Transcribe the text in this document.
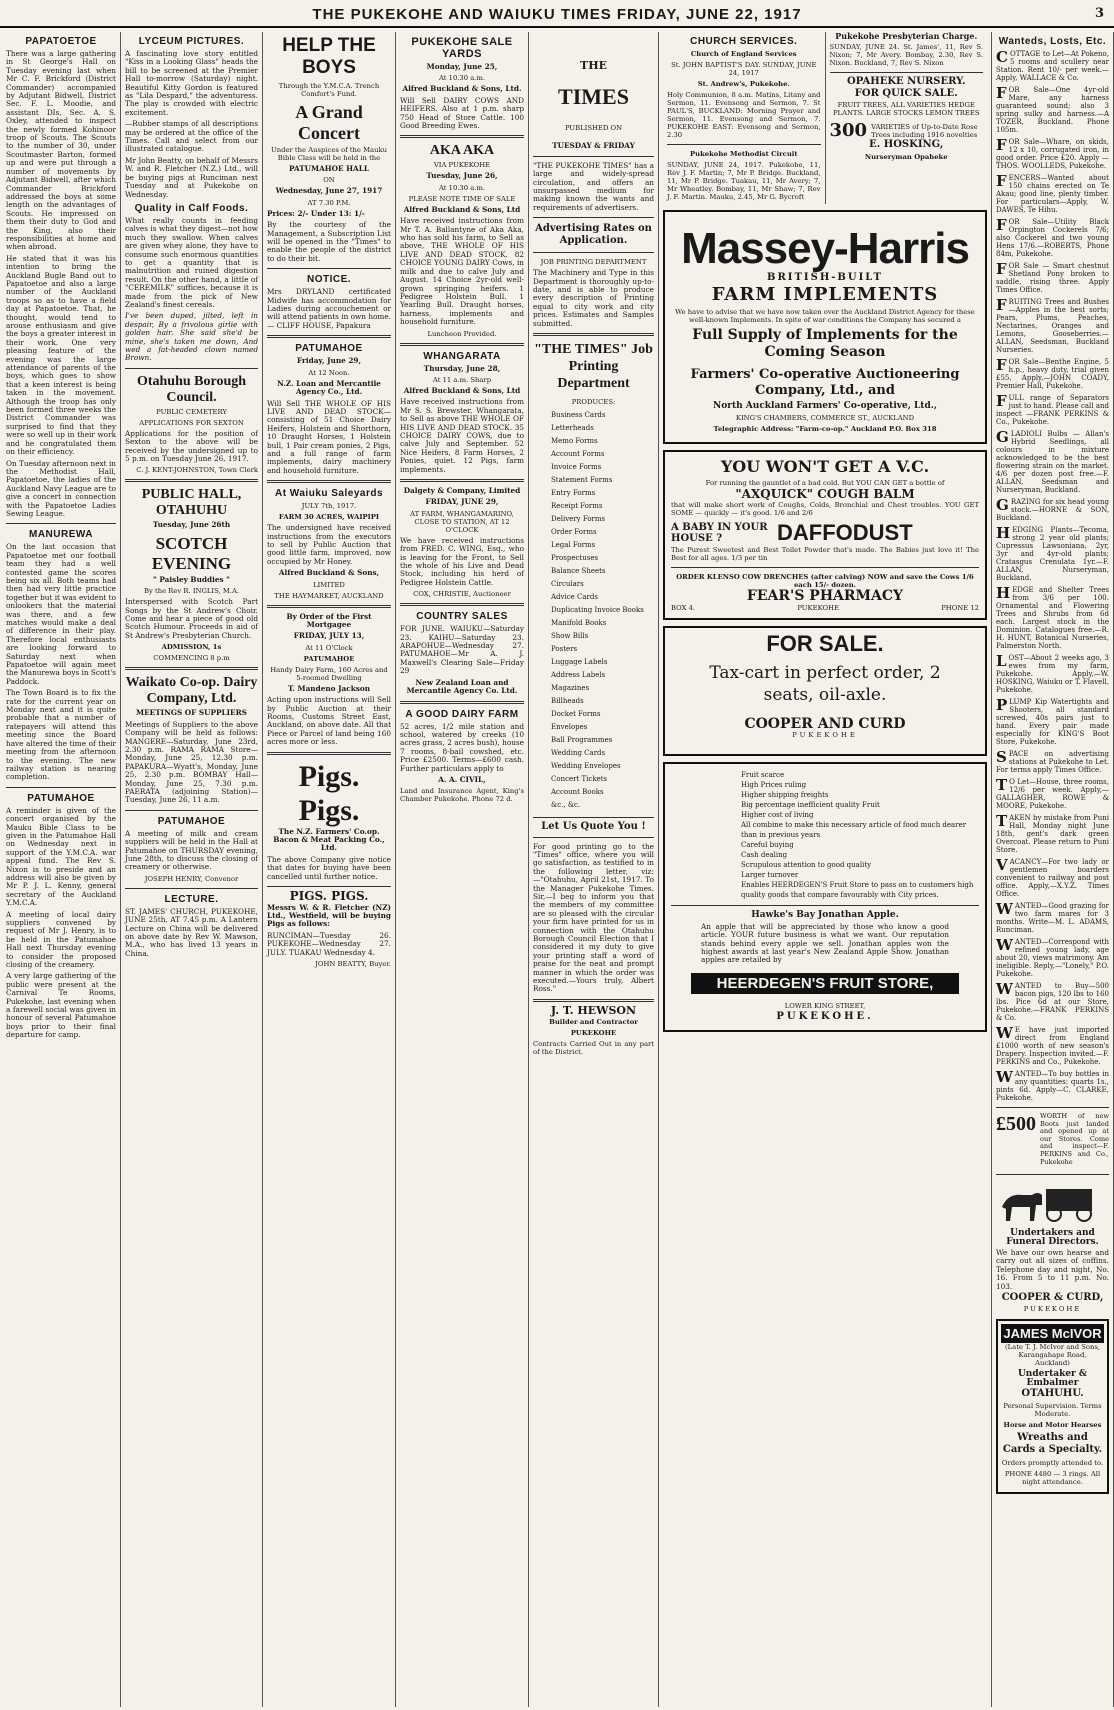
THE PUKEKOHE AND WAIUKU TIMES FRIDAY, JUNE 22, 1917	3
PAPATOETOE

There was a large gathering in St George's Hall on Tuesday evening last when Mr C. F. Brickford (District Commander) accompanied by Adjutant Bidwell, District Sec. F. L. Moodie, and assistant DIs, Sec. A. S. Oxley, attended to inspect the newly formed Kohinoor troop of Scouts. The Scouts to the number of 30, under Scoutmaster Barton, formed up and were put through a number of movements by Adjutant Bidwell, after which Commander Brickford addressed the boys at some length on the advantages of Scouts. He impressed on them their duty to God and the King, also their responsibilities at home and when abroad.

He stated that it was his intention to bring the Auckland Bugle Band out to Papatoetoe and also a large number of the Auckland troops so as to have a field day at Papatoetoe. That, he thought, would tend to arouse enthusiasm and give the boys a greater interest in their work. One very pleasing feature of the evening was the large attendance of parents of the boys, which goes to show that a keen interest is being taken in the movement. Although the troop has only been formed three weeks the District Commander was surprised to find that they were so well up in their work and he congratulated them on their efficiency.

On Tuesday afternoon next in the Methodist Hall, Papatoetoe, the ladies of the Auckland Navy League are to give a concert in connection with the Papatoetoe Ladies Sewing League.

MANUREWA

On the last occasion that Papatoetoe met our football team they had a well contested game the scores being six all. Both teams had then had very little practice together but it was evident to onlookers that the material was there, and a few matches would make a deal of difference in their play. Therefore local enthusiasts are looking forward to Saturday next when Papatoetoe will again meet the Manurewa boys in Scott's Paddock.

The Town Board is to fix the rate for the current year on Monday next and it is quite probable that a number of ratepayers will attend this meeting since the Board have altered the time of their meeting from the afternoon to the evening. The new railway station is nearing completion.

PATUMAHOE

A reminder is given of the concert organised by the Mauku Bible Class to be given in the Patumahoe Hall on Wednesday next in support of the Y.M.C.A. war appeal fund. The Rev S. Nixon is to preside and an address will also be given by Mr P. J. L. Kenny, general secretary of the Auckland Y.M.C.A.

A meeting of local dairy suppliers convened by request of Mr J. Henry, is to be held in the Patumahoe Hall next Thursday evening to consider the proposed closing of the creamery.

A very large gathering of the public were present at the Carnival Te Rooms, Pukekohe, last evening when a farewell social was given in honour of several Patumahoe boys prior to their final departure for camp.

LYCEUM PICTURES.

A fascinating love story entitled "Kiss in a Looking Glass" heads the bill to be screened at the Premier Hall to-morrow (Saturday) night. Beautiful Kitty Gordon is featured as "Lila Despard," the adventuress. The play is crowded with electric excitement.

—Rubber stamps of all descriptions may be ordered at the office of the Times. Call and select from our illustrated catalogue.

Mr John Beatty, on behalf of Messrs W. and R. Fletcher (N.Z.) Ltd., will be buying pigs at Runciman next Tuesday and at Pukekohe on Wednesday.

Quality in Calf Foods.

What really counts in feeding calves is what they digest—not how much they swallow. When calves are given whey alone, they have to consume such enormous quantities to get a quantity that is malnutrition and ruined digestion result. On the other hand, a little of "CEREMILK" suffices, because it is made from the pick of New Zealand's finest cereals.

I've been duped, jilted, left in despair, By a frivolous girlie with golden hair. She said she'd be mine, she's taken me down, And wed a fat-headed clown named Brown.

Otahuhu Borough Council.

PUBLIC CEMETERY

APPLICATIONS FOR SEXTON

Applications for the position of Sexton to the above will be received by the undersigned up to 5 p.m. on Tuesday June 26, 1917.

C. J. KENT-JOHNSTON, Town Clerk

PUBLIC HALL, OTAHUHU

Tuesday, June 26th

SCOTCH EVENING

" Paisley Buddies "

By the Rev R. INGLIS, M.A.

Interspersed with Scotch Part Songs by the St Andrew's Choir. Come and hear a piece of good old Scotch Humour. Proceeds in aid of St Andrew's Presbyterian Church.

ADMISSION, 1s

COMMENCING 8 p.m

Waikato Co-op. Dairy Company, Ltd.

MEETINGS OF SUPPLIERS

Meetings of Suppliers to the above Company will be held as follows: MANGERE—Saturday, June 23rd, 2.30 p.m. RAMA RAMA Store—Monday, June 25, 12.30 p.m. PAPAKURA—Wyatt's, Monday, June 25, 2.30 p.m. BOMBAY Hall—Monday, June 25, 7.30 p.m. PAERATA (adjoining Station)—Tuesday, June 26, 11 a.m.

PATUMAHOE

A meeting of milk and cream suppliers will be held in the Hall at Patumahoe on THURSDAY evening, June 28th, to discuss the closing of creamery or otherwise.

JOSEPH HENRY, Convenor

LECTURE.

ST. JAMES' CHURCH, PUKEKOHE, JUNE 25th, AT 7.45 p.m. A Lantern Lecture on China will be delivered on above date by Rev W. Mawson, M.A., who has lived 13 years in China.

HELP THE BOYS

Through the Y.M.C.A. Trench Comfort's Fund.

A Grand Concert

Under the Auspices of the Mauku Bible Class will be held in the

PATUMAHOE HALL

ON

Wednesday, June 27, 1917

AT 7.30 P.M.

Prices: 2/- Under 13: 1/-

By the courtesy of the Management, a Subscription List will be opened in the "Times" to enable the people of the district to do their bit.

NOTICE.

Mrs DRYLAND certificated Midwife has accommodation for Ladies during accouchement or will attend patients in own home. — CLIFF HOUSE, Papakura

PATUMAHOE

Friday, June 29,

At 12 Noon.

N.Z. Loan and Mercantile Agency Co., Ltd.

Will Sell THE WHOLE OF HIS LIVE AND DEAD STOCK—consisting of 51 Choice Dairy Heifers, Holstein and Shorthorn, 10 Draught Horses, 1 Holstein bull, 1 Pair cream ponies, 2 Pigs, and a full range of farm implements, dairy machinery and household furniture.

At Waiuku Saleyards

JULY 7th, 1917.

FARM 30 ACRES, WAIPIPI

The undersigned have received instructions from the executors to sell by Public Auction that good little farm, improved, now occupied by Mr Honey.

Alfred Buckland & Sons,

LIMITED

THE HAYMARKET, AUCKLAND

By Order of the First Mortgagee

FRIDAY, JULY 13,

At 11 O'Clock

PATUMAHOE

Handy Dairy Farm, 160 Acres and 5-roomed Dwelling

T. Mandeno Jackson

Acting upon instructions will Sell by Public Auction at their Rooms, Customs Street East, Auckland, on above date. All that Piece or Parcel of land being 160 acres more or less.

Pigs. Pigs.

The N.Z. Farmers' Co.op. Bacon & Meat Packing Co., Ltd.

The above Company give notice that dates for buying have been cancelled until further notice.

PIGS. PIGS.

Messrs W. & R. Fletcher (NZ) Ltd., Westfield, will be buying Pigs as follows:

RUNCIMAN—Tuesday 26. PUKEKOHE—Wednesday 27. JULY. TUAKAU Wednesday 4.

JOHN BEATTY, Buyer.

PUKEKOHE SALE YARDS

Monday, June 25,

At 10.30 a.m.

Alfred Buckland & Sons, Ltd.

Will Sell DAIRY COWS AND HEIFERS. Also at 1 p.m. sharp 750 Head of Store Cattle. 100 Good Breeding Ewes.

AKA AKA

VIA PUKEKOHE

Tuesday, June 26,

At 10.30 a.m.

PLEASE NOTE TIME OF SALE

Alfred Buckland & Sons, Ltd

Have received instructions from Mr T. A. Ballantyne of Aka Aka, who has sold his farm, to Sell as above, THE WHOLE OF HIS LIVE AND DEAD STOCK. 82 CHOICE YOUNG DAIRY Cows, in milk and due to calve July and August. 14 Choice 2yr-old well-grown springing heifers. 1 Pedigree Holstein Bull. 1 Yearling Bull. Draught horses, harness, implements and household furniture.

Luncheon Provided.

WHANGARATA

Thursday, June 28,

At 11 a.m. Sharp

Alfred Buckland & Sons, Ltd

Have received instructions from Mr S. S. Brewster, Whangarata, to Sell as above THE WHOLE OF HIS LIVE AND DEAD STOCK. 35 CHOICE DAIRY COWS, due to calve July and September. 52 Nice Heifers, 8 Farm Horses, 2 Ponies, quiet. 12 Pigs, farm implements.

Dalgety & Company, Limited

FRIDAY, JUNE 29,

AT FARM, WHANGAMARINO, CLOSE TO STATION, AT 12 O'CLOCK

We have received instructions from FRED. C. WING, Esq., who is leaving for the Front, to Sell the whole of his Live and Dead Stock, including his herd of Pedigree Holstein Cattle.

COX, CHRISTIE, Auctioneer

COUNTRY SALES

FOR JUNE. WAIUKU—Saturday 23. KAIHU—Saturday 23. ARAPOHUE—Wednesday 27. PATUMAHOE—Mr A. J. Maxwell's Clearing Sale—Friday 29

New Zealand Loan and Mercantile Agency Co. Ltd.

A GOOD DAIRY FARM

52 acres, 1/2 mile station and school, watered by creeks (10 acres grass, 2 acres bush), house 7 rooms, 8-bail cowshed, etc. Price £2500. Terms—£600 cash. Further particulars apply to

A. A. CIVIL,

Land and Insurance Agent, King's Chamber Pukekohe. Phone 72 d.

THE

TIMES

PUBLISHED ON

TUESDAY & FRIDAY

"THE PUKEKOHE TIMES" has a large and widely-spread circulation, and offers an unsurpassed medium for making known the wants and requirements of advertisers.

Advertising Rates on Application.

JOB PRINTING DEPARTMENT

The Machinery and Type in this Department is thoroughly up-to-date, and is able to produce every description of Printing equal to city work and city prices. Estimates and Samples submitted.

"THE TIMES" Job Printing Department

PRODUCES:

Business Cards
Letterheads
Memo Forms
Account Forms
Invoice Forms
Statement Forms
Entry Forms
Receipt Forms
Delivery Forms
Order Forms
Legal Forms
Prospectuses
Balance Sheets
Circulars
Advice Cards
Duplicating Invoice Books
Manifold Books
Show Bills
Posters
Luggage Labels
Address Labels
Magazines
Billheads
Docket Forms
Envelopes
Ball Programmes
Wedding Cards
Wedding Envelopes
Concert Tickets
Account Books
&c., &c.

Let Us Quote You !

For good printing go to the "Times" office, where you will go satisfaction, as testified to in the following letter, viz:—"Otahuhu, April 21st, 1917. To the Manager Pukekohe Times. Sir,—I beg to inform you that the members of my committee are so pleased with the circular your firm have printed for us in connection with the Otahuhu Borough Council Election that I considered it my duty to give your printing staff a word of praise for the neat and prompt manner in which the order was executed.—Yours truly, Albert Ross."

J. T. HEWSON

Builder and Contractor

PUKEKOHE

Contracts Carried Out in any part of the District.

CHURCH SERVICES.

Church of England Services

St. JOHN BAPTIST'S DAY. SUNDAY, JUNE 24, 1917

St. Andrew's, Pukekohe.

Holy Communion, 8 a.m. Matins, Litany and Sermon, 11. Evensong and Sermon, 7. St PAUL'S, BUCKLAND: Morning Prayer and Sermon, 11. Evensong and Sermon, 7. PUKEKOHE EAST: Evensong and Sermon, 2.30

Pukekohe Methodist Circuit

SUNDAY, JUNE 24, 1917. Pukekohe, 11, Rev J. F. Martin; 7, Mr P. Bridge. Buckland, 11, Mr P. Bridge. Tuakau, 11, Mr Avery; 7, Mr Wheatley. Bombay, 11, Mr Shaw; 7, Rev J. F. Martin. Mauku, 2.45, Mr G. Bycroft

Pukekohe Presbyterian Charge.

SUNDAY, JUNE 24. St. James', 11, Rev S. Nixon; 7, Mr Avery. Bombay, 2.30, Rev S. Nixon. Buckland, 7, Rev S. Nixon

OPAHEKE NURSERY.

FOR QUICK SALE.

FRUIT TREES, ALL VARIETIES HEDGE PLANTS. LARGE STOCKS LEMON TREES

300 VARIETIES of Up-to-Date Rose Trees including 1916 novelties

E. HOSKING,

Nurseryman Opaheke

Massey-Harris

BRITISH-BUILT

FARM IMPLEMENTS

We have to advise that we have now taken over the Auckland District Agency for these well-known Implements. In spite of war conditions the Company has secured a

Full Supply of Implements for the Coming Season

Farmers' Co-operative Auctioneering Company, Ltd., and

North Auckland Farmers' Co-operative, Ltd.,

KING'S CHAMBERS, COMMERCE ST., AUCKLAND

Telegraphic Address: "Farm-co-op." Auckland P.O. Box 318

YOU WON'T GET A V.C.

For running the gauntlet of a bad cold. But YOU CAN GET a bottle of

"AXQUICK" COUGH BALM

that will make short work of Coughs, Colds, Bronchial and Chest troubles. YOU GET SOME — quickly — it's good. 1/6 and 2/6

A BABY IN YOUR HOUSE ?	DAFFODUST

The Purest Sweetest and Best Toilet Powder that's made. The Babies just love it! The Best for all ages. 1/3 per tin

ORDER KLENSO COW DRENCHES (after calving) NOW and save the Cows 1/6 each 15/- dozen.

FEAR'S PHARMACY

BOX 4.	PUKEKOHE	PHONE 12

FOR SALE.

Tax-cart in perfect order, 2 seats, oil-axle.

COOPER AND CURD

PUKEKOHE

Fruit scarce
High Prices ruling
Higher shipping freights
Big percentage inefficient quality Fruit
Higher cost of living
All combine to make this necessary article of food much dearer than in previous years
Careful buying
Cash dealing
Scrupulous attention to good quality
Larger turnover
Enables HEERDEGEN'S Fruit Store to pass on to customers high quality goods that compare favourably with City prices.

Hawke's Bay Jonathan Apple.

An apple that will be appreciated by those who know a good article. YOUR future business is what we want. Our reputation stands behind every apple we sell. Jonathan apples won the highest awards at last year's New Zealand Apple Show. Jonathan apples are retailed by

HEERDEGEN'S FRUIT STORE,

LOWER KING STREET,

PUKEKOHE.

Wanteds, Losts, Etc.

COTTAGE to Let—At Pokeno, 5 rooms and scullery near Station. Rent 10/- per week.—Apply, WALLACE & Co.

FOR Sale—One 4yr-old Mare, any harness guaranteed sound; also 3 spring sulky and harness.—A TOZER, Buckland. Phone 105m.

FOR Sale—Whare, on skids, 12 x 10, corrugated iron, in good order. Price £20. Apply — THOS. WOOLLEDS, Pukekohe.

FENCERS—Wanted about 150 chains erected on Te Akau; good line, plenty timber. For particulars—Apply, W. DAWES, Te Hihu.

FOR Sale—Utility Black Orpington Cockerels 7/6; also Cockerel and two young Hens 17/6.—ROBERTS, Phone 84m, Pukekohe.

FOR Sale — Smart chestnut Shetland Pony broken to saddle, rising three. Apply Times Office.

FRUITING Trees and Bushes—Apples in the best sorts; Pears, Plums, Peaches, Nectarines, Oranges and Lemons, Gooseberries.—ALLAN, Seedsman, Buckland Nurseries.

FOR Sale—Benthe Engine, 5 h.p., heavy duty, trial given £55. Apply,—JOHN COADY, Premier Hall, Pukekohe.

FULL range of Separators just to hand. Please call and inspect —FRANK PERKINS & Co., Pukekohe.

GLADIOLI Bulbs — Allan's Hybrid Seedlings, all colours in mixture acknowledged to be the best flowering strain on the market. 4/6 per dozen post free.—F. ALLAN, Seedsman and Nurseryman, Buckland.

GRAZING for six head young stock.—HORNE & SON, Buckland.

HEDGING Plants—Tecoma, strong 2 year old plants; Cupressus Lawsoniana, 2yr, 3yr and 4yr-old plants; Cratasgus Crenulata 1yr.—F. ALLAN, Nurseryman, Buckland.

HEDGE and Shelter Trees from 3/6 per 100. Ornamental and Flowering Trees and Shrubs from 6d each. Largest stock in the Dominion. Catalogues free.—R. H. HUNT, Botanical Nurseries, Palmerston North.

LOST—About 2 weeks ago, 3 ewes from my farm, Pukekohe. Apply,—W. HOSKING, Waiuku or T. Flavell, Pukekohe.

PLUMP Kip Watertights and Shooters, all standard screwed, 40s pairs just to hand. Every pair made especially for KING'S Boot Store, Pukekohe.

SPACE on advertising stations at Pukekohe to Let. For terms apply Times Office.

TO Let—House, three rooms, 12/6 per week. Apply,—GALLAGHER, ROWE & MOORE, Pukekohe.

TAKEN by mistake from Puni Hall, Monday night June 18th, gent's dark green Overcoat. Please return to Puni Store.

VACANCY—For two lady or gentlemen boarders convenient to railway and post office. Apply,—X.Y.Z. Times Office.

WANTED—Good grazing for two farm mares for 3 months. Write—M. L. ADAMS, Runciman.

WANTED—Correspond with refined young lady, age about 20, views matrimony. Am ineligible. Reply,—"Lonely," P.O. Pukekohe.

WANTED to Buy—500 bacon pigs, 120 lbs to 160 lbs. Pice 6d at our Store, Pukekohe.—FRANK PERKINS & Co.

WE have just imported direct from England £1000 worth of new season's Drapery. Inspection invited.—F. PERKINS and Co., Pukekohe.

WANTED—To buy bottles in any quantities: quarts 1s., pints 6d. Apply—C. CLARKE, Pukekohe.

£500 WORTH of new Boots just landed and opened up at our Stores. Come and inspect—F. PERKINS and Co., Pukekohe

Undertakers and Funeral Directors.

We have our own hearse and carry out all sizes of coffins. Telephone day and night, No. 16. From 5 to 11 p.m. No. 103.

COOPER & CURD,

PUKEKOHE

JAMES McIVOR

(Late T. J. McIvor and Sons, Karangahape Road, Auckland)

Undertaker & Embalmer

OTAHUHU.

Personal Supervision. Terms Moderate.

Horse and Motor Hearses

Wreaths and Cards a Specialty.

Orders promptly attended to.

PHONE 4480 — 3 rings. All night attendance.
